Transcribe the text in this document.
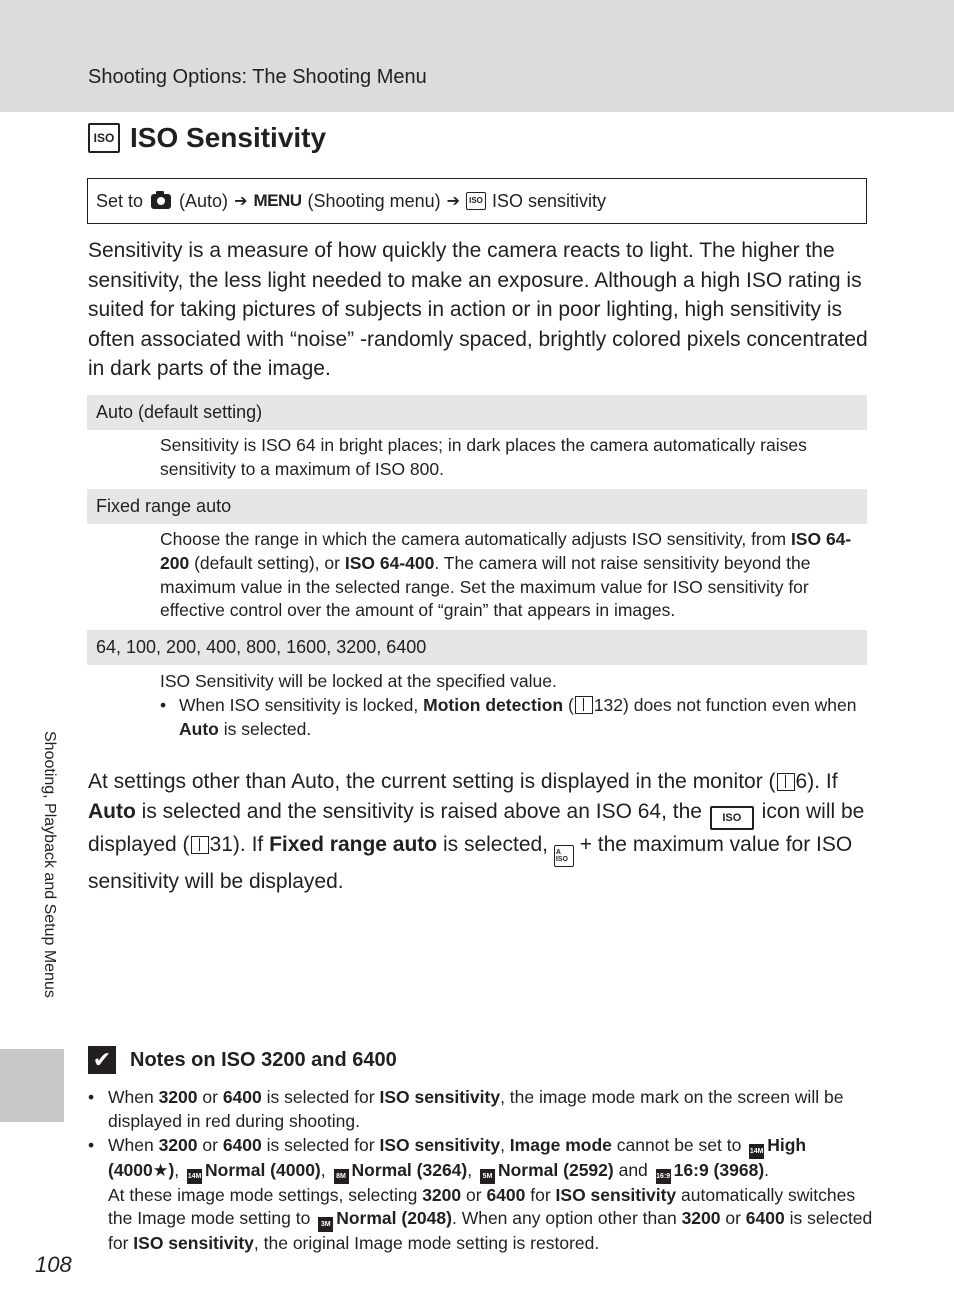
Shooting Options: The Shooting Menu
Shooting, Playback and Setup Menus
108
ISO ISO Sensitivity
Set to (Auto) ➔ MENU (Shooting menu) ➔	ISO ISO sensitivity

Sensitivity is a measure of how quickly the camera reacts to light. The higher the sensitivity, the less light needed to make an exposure. Although a high ISO rating is suited for taking pictures of subjects in action or in poor lighting, high sensitivity is often associated with “noise” -randomly spaced, brightly colored pixels concentrated in dark parts of the image.

Auto (default setting)

Sensitivity is ISO 64 in bright places; in dark places the camera automatically raises sensitivity to a maximum of ISO 800.

Fixed range auto

Choose the range in which the camera automatically adjusts ISO sensitivity, from ISO 64-200 (default setting), or ISO 64-400. The camera will not raise sensitivity beyond the maximum value in the selected range. Set the maximum value for ISO sensitivity for effective control over the amount of “grain” that appears in images.

64, 100, 200, 400, 800, 1600, 3200, 6400

ISO Sensitivity will be locked at the specified value.

• When ISO sensitivity is locked, Motion detection ( 132) does not function even when Auto is selected.

At settings other than Auto, the current setting is displayed in the monitor ( 6). If Auto is selected and the sensitivity is raised above an ISO 64, the ISO icon will be displayed ( 31). If Fixed range auto is selected, A ISO + the maximum value for ISO sensitivity will be displayed.

✔ Notes on ISO 3200 and 6400
• When 3200 or 6400 is selected for ISO sensitivity, the image mode mark on the screen will be displayed in red during shooting.
• When 3200 or 6400 is selected for ISO sensitivity, Image mode cannot be set to 14M High (4000★), 14M Normal (4000), 8M Normal (3264), 5M Normal (2592) and 16:9 16:9 (3968).
At these image mode settings, selecting 3200 or 6400 for ISO sensitivity automatically switches the Image mode setting to 3M Normal (2048). When any option other than 3200 or 6400 is selected for ISO sensitivity, the original Image mode setting is restored.
